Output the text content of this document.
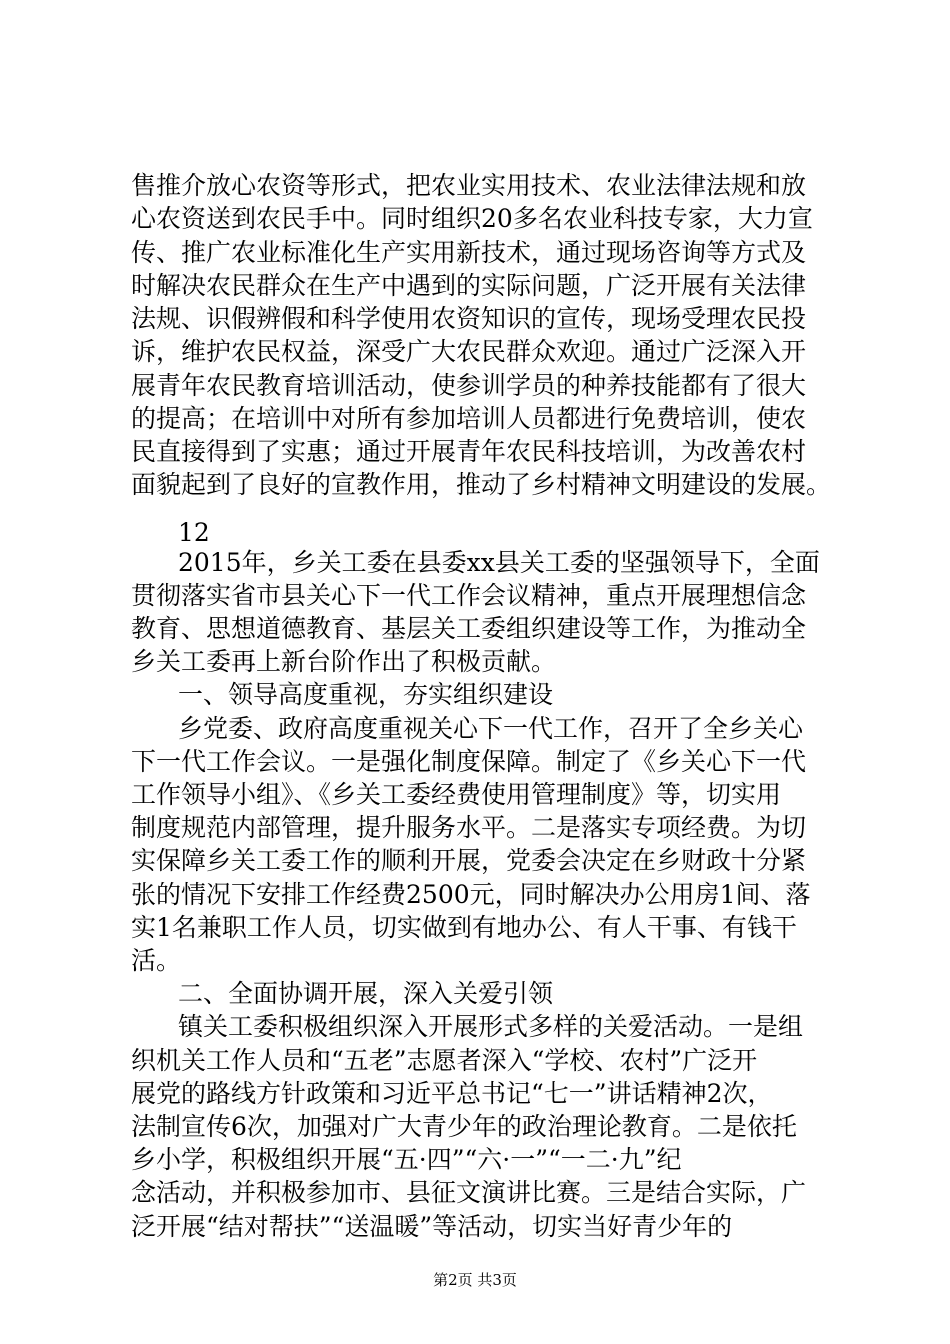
售推介放心农资等形式，把农业实用技术、农业法律法规和放
心农资送到农民手中。同时组织20多名农业科技专家，大力宣
传、推广农业标准化生产实用新技术，通过现场咨询等方式及
时解决农民群众在生产中遇到的实际问题，广泛开展有关法律
法规、识假辨假和科学使用农资知识的宣传，现场受理农民投
诉，维护农民权益，深受广大农民群众欢迎。通过广泛深入开
展青年农民教育培训活动，使参训学员的种养技能都有了很大
的提高；在培训中对所有参加培训人员都进行免费培训，使农
民直接得到了实惠；通过开展青年农民科技培训，为改善农村
面貌起到了良好的宣教作用，推动了乡村精神文明建设的发展。
12
2015年，乡关工委在县委xx县关工委的坚强领导下，全面
贯彻落实省市县关心下一代工作会议精神，重点开展理想信念
教育、思想道德教育、基层关工委组织建设等工作，为推动全
乡关工委再上新台阶作出了积极贡献。
一、领导高度重视，夯实组织建设
乡党委、政府高度重视关心下一代工作，召开了全乡关心
下一代工作会议。一是强化制度保障。制定了《乡关心下一代
工作领导小组》、《乡关工委经费使用管理制度》等，切实用
制度规范内部管理，提升服务水平。二是落实专项经费。为切
实保障乡关工委工作的顺利开展，党委会决定在乡财政十分紧
张的情况下安排工作经费2500元，同时解决办公用房1间、落
实1名兼职工作人员，切实做到有地办公、有人干事、有钱干
活。
二、全面协调开展，深入关爱引领
镇关工委积极组织深入开展形式多样的关爱活动。一是组
织机关工作人员和“五老”志愿者深入“学校、农村”广泛开
展党的路线方针政策和习近平总书记“七一”讲话精神2次，
法制宣传6次，加强对广大青少年的政治理论教育。二是依托
乡小学，积极组织开展“五·四”“六·一”“一二·九”纪
念活动，并积极参加市、县征文演讲比赛。三是结合实际，广
泛开展“结对帮扶”“送温暖”等活动，切实当好青少年的
第2页 共3页
